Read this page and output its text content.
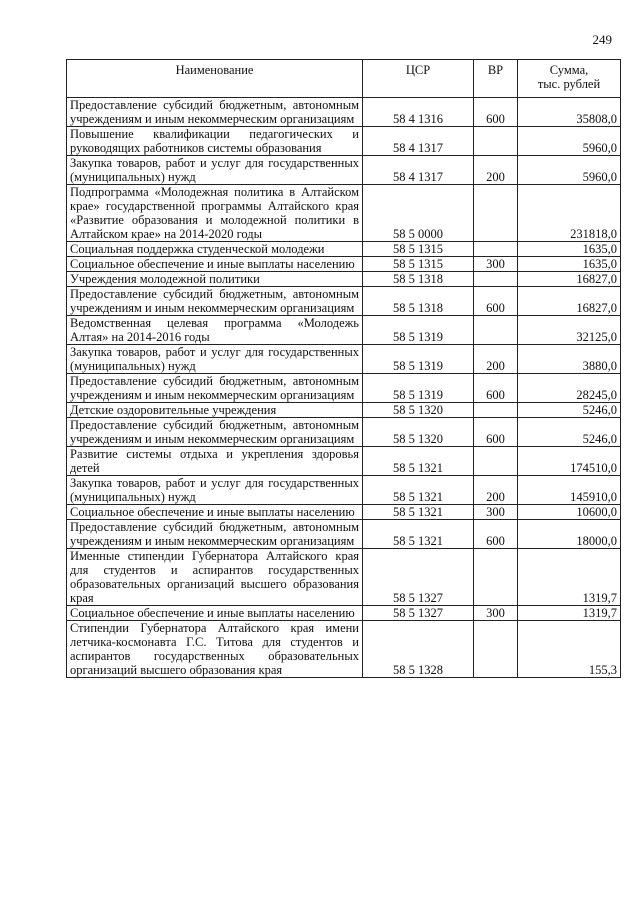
249
Наименование	ЦСР	ВР	Сумма,
тыс. рублей

Предоставление субсидий бюджетным, автономным учреждениям и иным некоммерческим организациям	58 4 1316	600	35808,0
Повышение квалификации педагогических и руководящих работников системы образования	58 4 1317		5960,0
Закупка товаров, работ и услуг для государственных (муниципальных) нужд	58 4 1317	200	5960,0
Подпрограмма «Молодежная политика в Алтайском крае» государственной программы Алтайского края «Развитие образования и молодежной политики в Алтайском крае» на 2014-2020 годы	58 5 0000		231818,0
Социальная поддержка студенческой молодежи	58 5 1315		1635,0
Социальное обеспечение и иные выплаты населению	58 5 1315	300	1635,0
Учреждения молодежной политики	58 5 1318		16827,0
Предоставление субсидий бюджетным, автономным учреждениям и иным некоммерческим организациям	58 5 1318	600	16827,0
Ведомственная целевая программа «Молодежь Алтая» на 2014-2016 годы	58 5 1319		32125,0
Закупка товаров, работ и услуг для государственных (муниципальных) нужд	58 5 1319	200	3880,0
Предоставление субсидий бюджетным, автономным учреждениям и иным некоммерческим организациям	58 5 1319	600	28245,0
Детские оздоровительные учреждения	58 5 1320		5246,0
Предоставление субсидий бюджетным, автономным учреждениям и иным некоммерческим организациям	58 5 1320	600	5246,0
Развитие системы отдыха и укрепления здоровья детей	58 5 1321		174510,0
Закупка товаров, работ и услуг для государственных (муниципальных) нужд	58 5 1321	200	145910,0
Социальное обеспечение и иные выплаты населению	58 5 1321	300	10600,0
Предоставление субсидий бюджетным, автономным учреждениям и иным некоммерческим организациям	58 5 1321	600	18000,0
Именные стипендии Губернатора Алтайского края для студентов и аспирантов государственных образовательных организаций высшего образования края	58 5 1327		1319,7
Социальное обеспечение и иные выплаты населению	58 5 1327	300	1319,7
Стипендии Губернатора Алтайского края имени летчика-космонавта Г.С. Титова для студентов и аспирантов государственных образовательных организаций высшего образования края	58 5 1328		155,3
